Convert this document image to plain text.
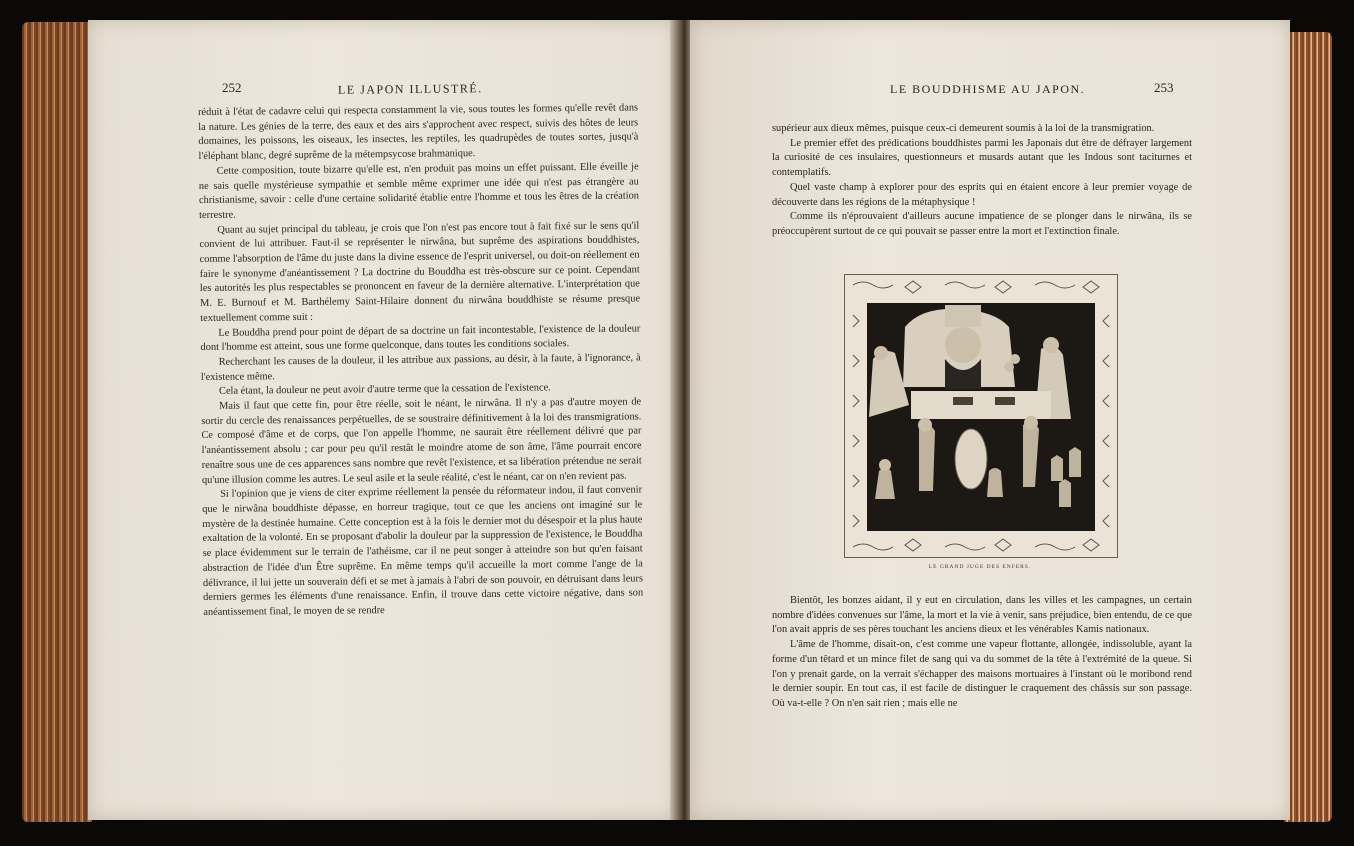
252	LE JAPON ILLUSTRÉ.

réduit à l'état de cadavre celui qui respecta constamment la vie, sous toutes les formes qu'elle revêt dans la nature. Les génies de la terre, des eaux et des airs s'approchent avec respect, suivis des hôtes de leurs domaines, les poissons, les oiseaux, les insectes, les reptiles, les quadrupèdes de toutes sortes, jusqu'à l'éléphant blanc, degré suprême de la métempsycose brahmanique.

Cette composition, toute bizarre qu'elle est, n'en produit pas moins un effet puissant. Elle éveille je ne sais quelle mystérieuse sympathie et semble même exprimer une idée qui n'est pas étrangère au christianisme, savoir : celle d'une certaine solidarité établie entre l'homme et tous les êtres de la création terrestre.

Quant au sujet principal du tableau, je crois que l'on n'est pas encore tout à fait fixé sur le sens qu'il convient de lui attribuer. Faut-il se représenter le nirwâna, but suprême des aspirations bouddhistes, comme l'absorption de l'âme du juste dans la divine essence de l'esprit universel, ou doit-on réellement en faire le synonyme d'anéantissement ? La doctrine du Bouddha est très-obscure sur ce point. Cependant les autorités les plus respectables se prononcent en faveur de la dernière alternative. L'interprétation que M. E. Burnouf et M. Barthélemy Saint-Hilaire donnent du nirwâna bouddhiste se résume presque textuellement comme suit :

Le Bouddha prend pour point de départ de sa doctrine un fait incontestable, l'existence de la douleur dont l'homme est atteint, sous une forme quelconque, dans toutes les conditions sociales.

Recherchant les causes de la douleur, il les attribue aux passions, au désir, à la faute, à l'ignorance, à l'existence même.

Cela étant, la douleur ne peut avoir d'autre terme que la cessation de l'existence.

Mais il faut que cette fin, pour être réelle, soit le néant, le nirwâna. Il n'y a pas d'autre moyen de sortir du cercle des renaissances perpétuelles, de se soustraire définitivement à la loi des transmigrations. Ce composé d'âme et de corps, que l'on appelle l'homme, ne saurait être réellement délivré que par l'anéantissement absolu ; car pour peu qu'il restât le moindre atome de son âme, l'âme pourrait encore renaître sous une de ces apparences sans nombre que revêt l'existence, et sa libération prétendue ne serait qu'une illusion comme les autres. Le seul asile et la seule réalité, c'est le néant, car on n'en revient pas.

Si l'opinion que je viens de citer exprime réellement la pensée du réformateur indou, il faut convenir que le nirwâna bouddhiste dépasse, en horreur tragique, tout ce que les anciens ont imaginé sur le mystère de la destinée humaine. Cette conception est à la fois le dernier mot du désespoir et la plus haute exaltation de la volonté. En se proposant d'abolir la douleur par la suppression de l'existence, le Bouddha se place évidemment sur le terrain de l'athéisme, car il ne peut songer à atteindre son but qu'en faisant abstraction de l'idée d'un Être suprême. En même temps qu'il accueille la mort comme l'ange de la délivrance, il lui jette un souverain défi et se met à jamais à l'abri de son pouvoir, en détruisant dans leurs derniers germes les éléments d'une renaissance. Enfin, il trouve dans cette victoire négative, dans son anéantissement final, le moyen de se rendre

LE BOUDDHISME AU JAPON.	253

supérieur aux dieux mêmes, puisque ceux-ci demeurent soumis à la loi de la transmigration.

Le premier effet des prédications bouddhistes parmi les Japonais dut être de défrayer largement la curiosité de ces insulaires, questionneurs et musards autant que les Indous sont taciturnes et contemplatifs.

Quel vaste champ à explorer pour des esprits qui en étaient encore à leur premier voyage de découverte dans les régions de la métaphysique !

Comme ils n'éprouvaient d'ailleurs aucune impatience de se plonger dans le nirwâna, ils se préoccupèrent surtout de ce qui pouvait se passer entre la mort et l'extinction finale.

LE GRAND JUGE DES ENFERS.

Bientôt, les bonzes aidant, il y eut en circulation, dans les villes et les campagnes, un certain nombre d'idées convenues sur l'âme, la mort et la vie à venir, sans préjudice, bien entendu, de ce que l'on avait appris de ses pères touchant les anciens dieux et les vénérables Kamis nationaux.

L'âme de l'homme, disait-on, c'est comme une vapeur flottante, allongée, indissoluble, ayant la forme d'un têtard et un mince filet de sang qui va du sommet de la tête à l'extrémité de la queue. Si l'on y prenait garde, on la verrait s'échapper des maisons mortuaires à l'instant où le moribond rend le dernier soupir. En tout cas, il est facile de distinguer le craquement des châssis sur son passage. Où va-t-elle ? On n'en sait rien ; mais elle ne
